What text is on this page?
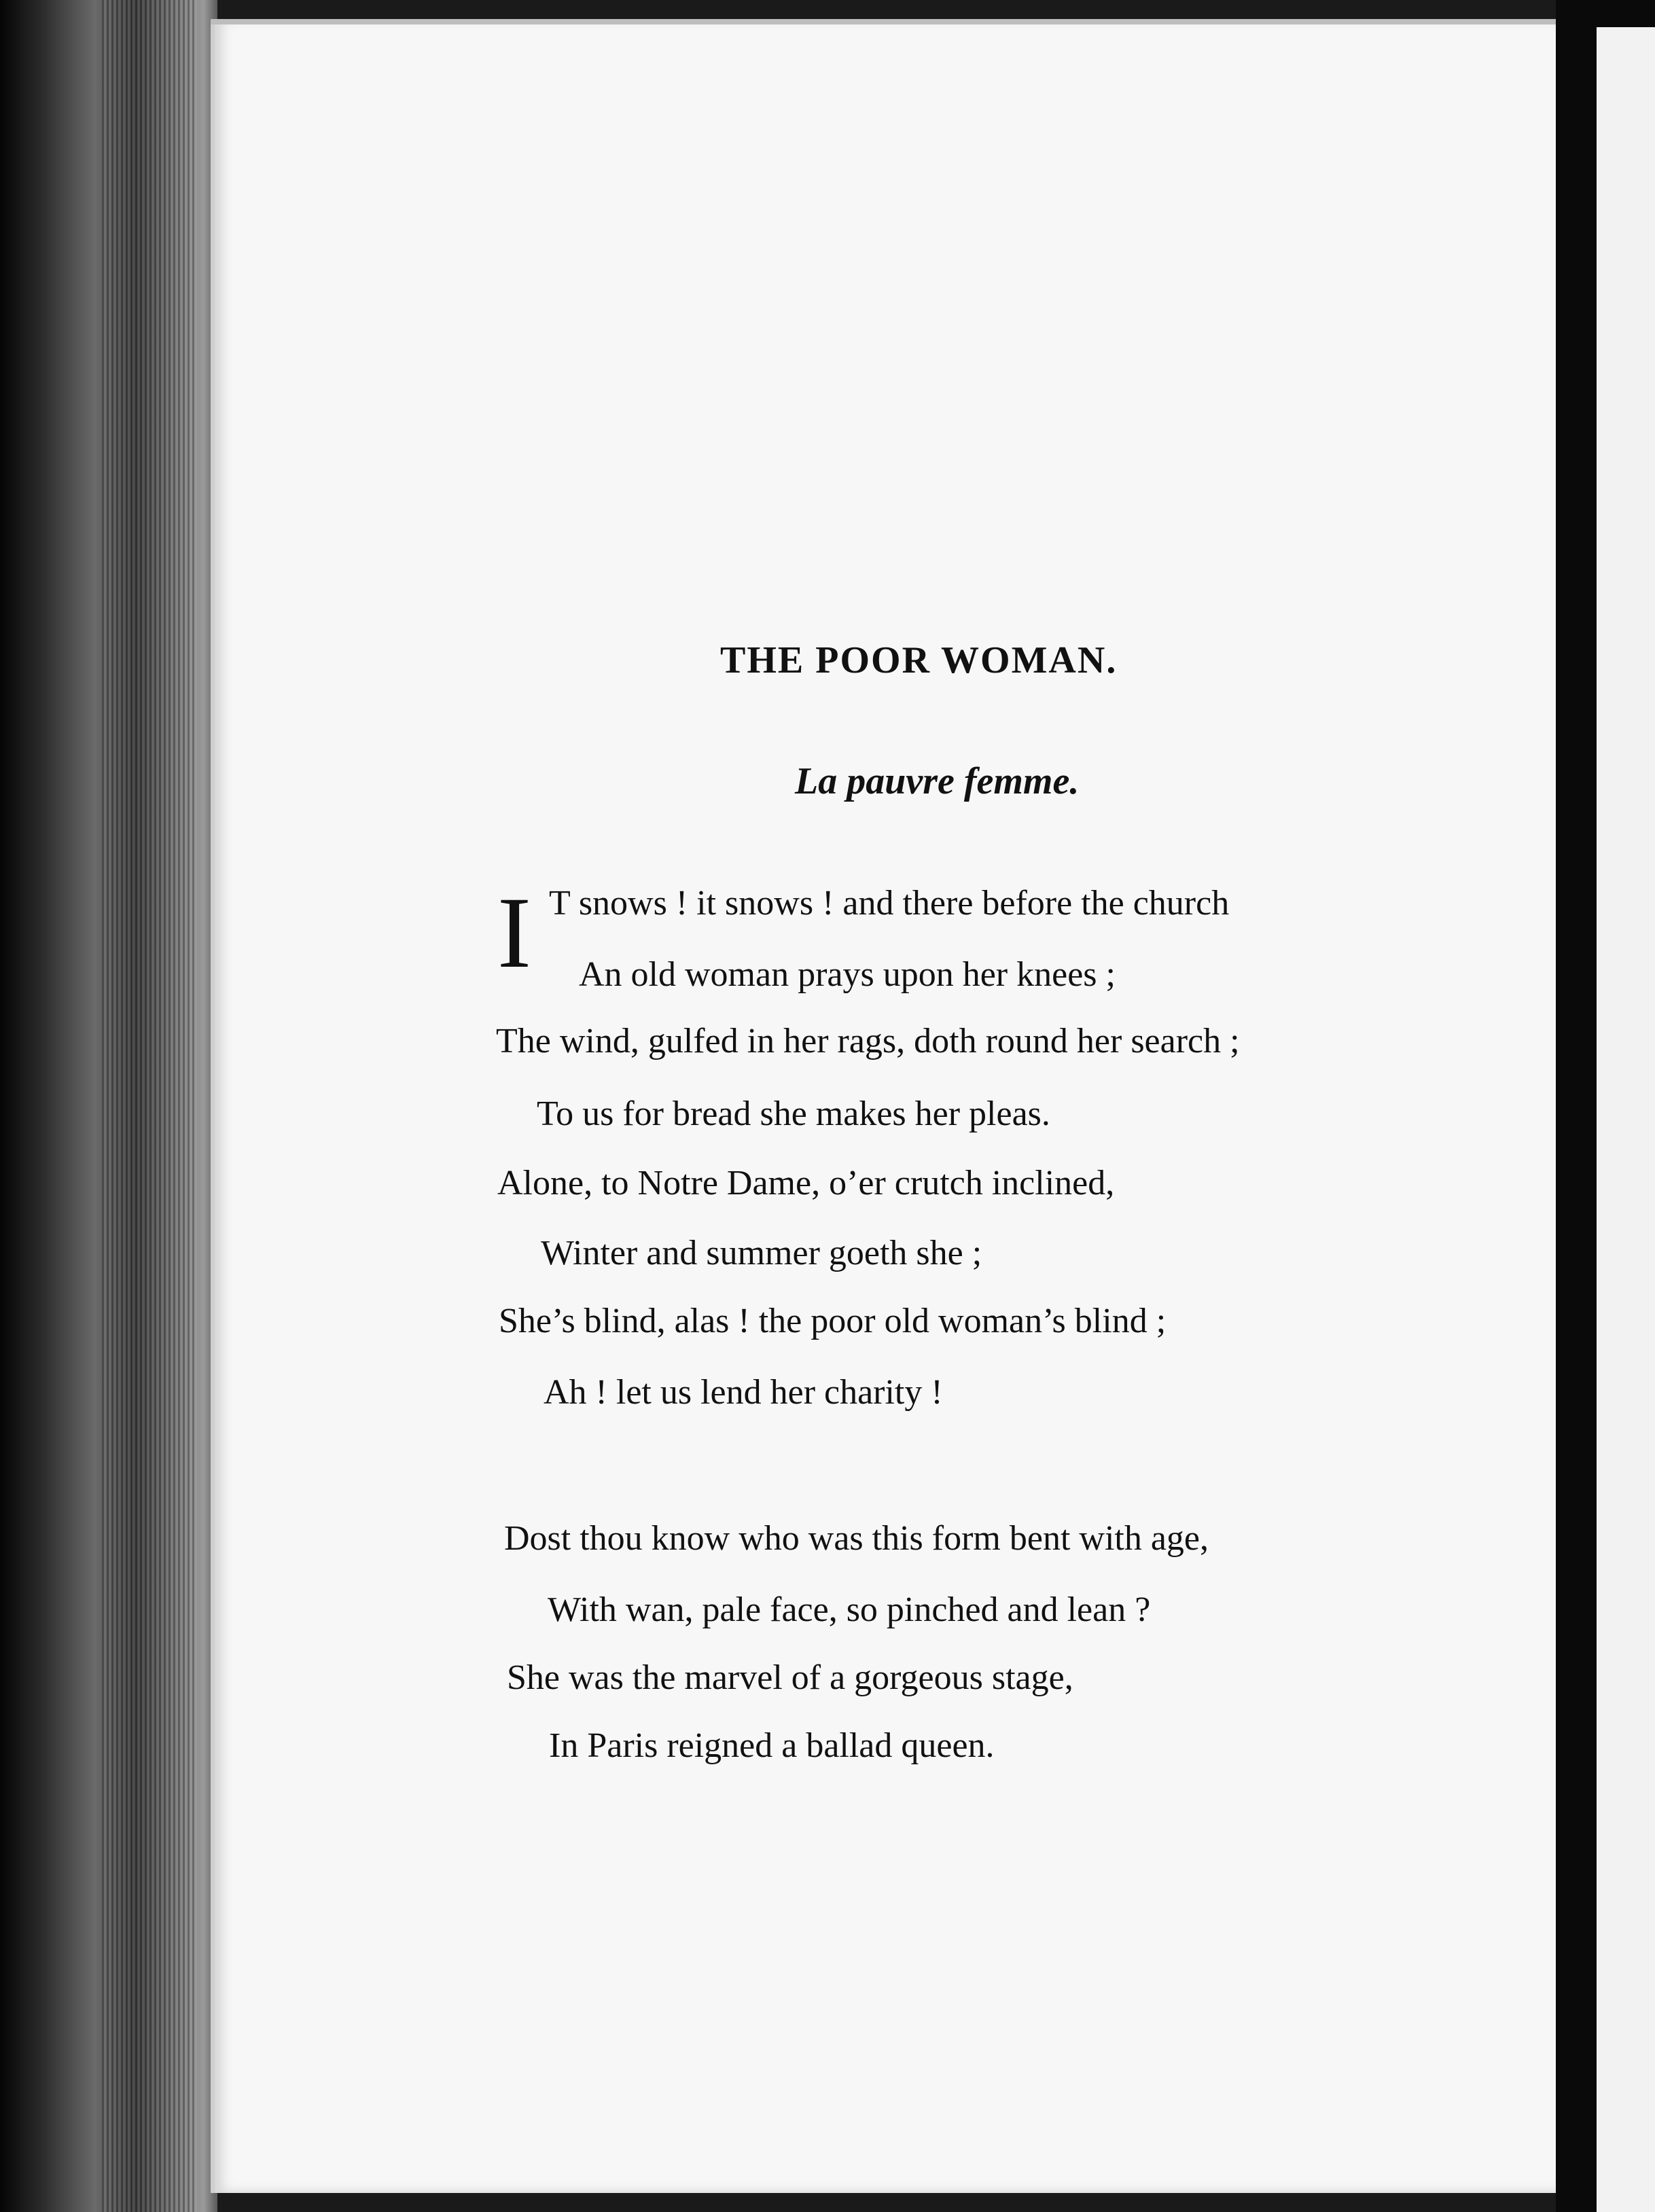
THE POOR WOMAN.
La pauvre femme.
I T snows ! it snows ! and there before the church
An old woman prays upon her knees ;
The wind, gulfed in her rags, doth round her search ;
To us for bread she makes her pleas.
Alone, to Notre Dame, o’er crutch inclined,
Winter and summer goeth she ;
She’s blind, alas ! the poor old woman’s blind ;
Ah ! let us lend her charity !
Dost thou know who was this form bent with age,
With wan, pale face, so pinched and lean ?
She was the marvel of a gorgeous stage,
In Paris reigned a ballad queen.
